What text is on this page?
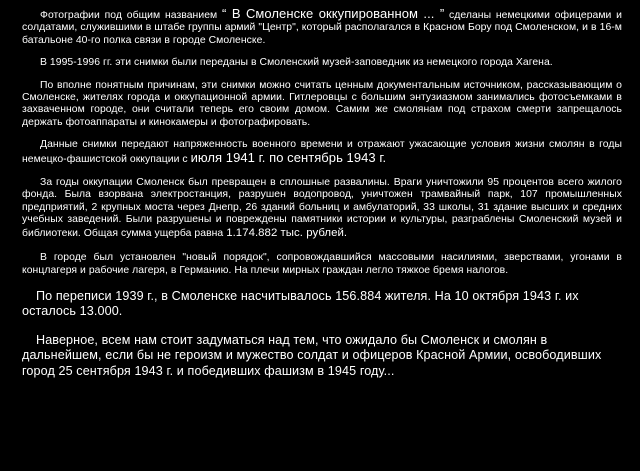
Фотографии под общим названием “ В Смоленске оккупированном ... ” сделаны немецкими офицерами и солдатами, служившими в штабе группы армий "Центр", который располагался в Красном Бору под Смоленском, и в 16-м батальоне 40-го полка связи в городе Смоленске.

В 1995-1996 гг. эти снимки были переданы в Смоленский музей-заповедник из немецкого города Хагена.

По вполне понятным причинам, эти снимки можно считать ценным документальным источником, рассказывающим о Смоленске, жителях города и оккупационной армии. Гитлеровцы с большим энтузиазмом занимались фотосъемками в захваченном городе, они считали теперь его своим домом. Самим же смолянам под страхом смерти запрещалось держать фотоаппараты и кинокамеры и фотографировать.

Данные снимки передают напряженность военного времени и отражают ужасающие условия жизни смолян в годы немецко-фашистской оккупации с июля 1941 г. по сентябрь 1943 г.

За годы оккупации Смоленск был превращен в сплошные развалины. Враги уничтожили 95 процентов всего жилого фонда. Была взорвана электростанция, разрушен водопровод, уничтожен трамвайный парк, 107 промышленных предприятий, 2 крупных моста через Днепр, 26 зданий больниц и амбулаторий, 33 школы, 31 здание высших и средних учебных заведений. Были разрушены и повреждены памятники истории и культуры, разграблены Смоленский музей и библиотеки. Общая сумма ущерба равна 1.174.882 тыс. рублей.

В городе был установлен "новый порядок", сопровождавшийся массовыми насилиями, зверствами, угонами в концлагеря и рабочие лагеря, в Германию. На плечи мирных граждан легло тяжкое бремя налогов.

По переписи 1939 г., в Смоленске насчитывалось 156.884 жителя. На 10 октября 1943 г. их осталось 13.000.

Наверное, всем нам стоит задуматься над тем, что ожидало бы Смоленск и смолян в дальнейшем, если бы не героизм и мужество солдат и офицеров Красной Армии, освободивших город 25 сентября 1943 г. и победивших фашизм в 1945 году...
